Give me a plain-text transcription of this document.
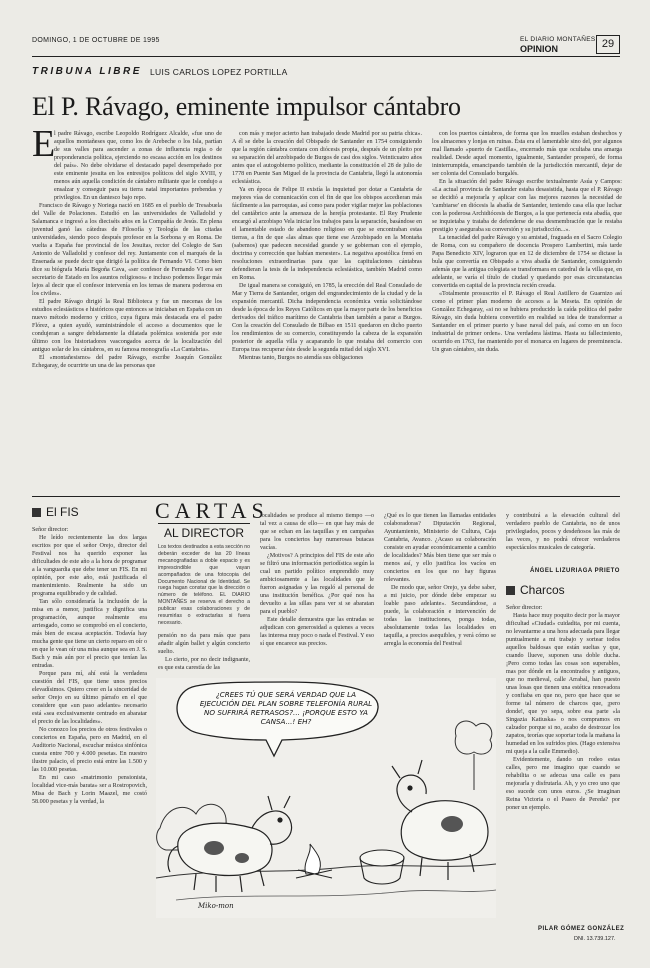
DOMINGO, 1 DE OCTUBRE DE 1995	EL DIARIO MONTAÑES
OPINION	29
TRIBUNA LIBRE LUIS CARLOS LOPEZ PORTILLA
El P. Rávago, eminente impulsor cántabro
E

l padre Rávago, escribe Leopoldo Rodríguez Alcalde, «fue uno de aquellos montañeses que, como los de Arebeche o los Isla, partían de sus valles para ascender a zonas de influencia regia o de preponderancia política, ejerciendo no escasa acción en los destinos del país». No debe olvidarse el destacado papel desempeñado por este eminente jesuita en los entresijos políticos del siglo XVIII, y menos aún aquella condición de cántabro militante que le condujo a ensalzar y conseguir para su tierra natal importantes prebendas y privilegios. En un dantesco bajo repo.

Francisco de Rávago y Noriega nació en 1685 en el pueblo de Tresabuela del Valle de Polaciones. Estudió en las universidades de Valladolid y Salamanca e ingresó a los dieciséis años en la Compañía de Jesús. En plena juventud ganó las cátedras de Filosofía y Teología de las citadas universidades, siendo poco después profesor en la Sorbona y en Roma. De vuelta a España fue provincial de los Jesuitas, rector del Colegio de San Antonio de Valladolid y confesor del rey. Juntamente con el marqués de la Ensenada se puede decir que dirigió la política de Fernando VI. Como bien dice su biógrafa María Begoña Cava, «ser confesor de Fernando VI era ser secretario de Estado en los asuntos religiosos» e incluso podemos llegar más lejos al decir que el confesor intervenía en los temas de manera poderosa en los civiles».

El padre Rávago dirigió la Real Biblioteca y fue un mecenas de los estudios eclesiásticos e históricos que entonces se iniciaban en España con un nuevo método moderno y crítico, cuya figura más destacada era el padre Flórez, a quien ayudó, suministrándole el acceso a documentos que le condujeran a sangre debidamente la dilatada polémica sostenida por este último con los historiadores vascongados acerca de la localización del antiguo solar de los cántabros, en su famosa monografía «La Cantabria».

El «montañesismo» del padre Rávago, escribe Joaquín González Echegaray, de ocurrirte un una de las personas que

con más y mejor acierto han trabajado desde Madrid por su patria chica». A él se debe la creación del Obispado de Santander en 1754 consiguiendo que la región cántabra contara con diócesis propia, después de un pleito por su separación del arzobispado de Burgos de casi dos siglos. Veinticuatro años antes que el autogobierno político, mediante la constitución el 28 de julio de 1778 en Puente San Miguel de la provincia de Cantabria, llegó la autonomía eclesiástica.

Ya en época de Felipe II existía la inquietud por dotar a Cantabria de mejores vías de comunicación con el fin de que los obispos accedieran más fácilmente a las parroquias, así como para poder vigilar mejor las poblaciones del cantábrico ante la amenaza de la herejía protestante. El Rey Prudente encargó al arzobispo Vela iniciar los trabajos para la separación, basándose en el lamentable estado de abandono religioso en que se encontraban estas tierras, a fin de que «las almas que tiene ese Arzobispado en la Montaña (sabemos) que padecen necesidad grande y se gobiernan con el ejemplo, doctrina y corrección que habían menester». La negativa apostólica frenó en resoluciones extraordinarias para que las capitulaciones cántabras defendieran la tesis de la independencia eclesiástica, también Madrid como en Roma.

De igual manera se consiguió, en 1785, la erección del Real Consulado de Mar y Tierra de Santander, origen del engrandecimiento de la ciudad y de la expansión mercantil. Dicha independencia económica venía solicitándose desde la época de los Reyes Católicos en que la mayor parte de los beneficios derivados del tráfico marítimo de Cantabria iban también a parar a Burgos. Con la creación del Consulado de Bilbao en 1511 quedaron en dicho puerto los rendimientos de su comercio, constituyendo la cabeza de la expansión posterior de aquella villa y acaparando lo que restaba del comercio con Europa tras recuperar éste desde la segunda mitad del siglo XVI.

Mientras tanto, Burgos no atendía sus obligaciones

con los puertos cántabros, de forma que los muelles estaban deshechos y los almacenes y lonjas en ruinas. Ésta era el lamentable sino del, por algunos mal llamado «puerto de Castilla», encerrado más que ocultaba una amarga realidad. Desde aquel momento, igualmente, Santander prosperó, de forma ininterrumpida, emancipando también de la jurisdicción mercantil, dejar de ser colonia del Consulado burgalés.

En la situación del padre Rávago escribe textualmente Asúa y Campos: «La actual provincia de Santander estaba desasistida, hasta que el P. Rávago se decidió a mejorarla y aplicar con las mejores razones la necesidad de 'cambiarse' en diócesis la abadía de Santander, teniendo casa ella que luchar con la poderosa Archidiócesis de Burgos, a la que pertenecía esta abadía, que se inquietaba y trataba de defenderse de esa desmembración que le restaba prestigio y aseguraba su conversión y su jurisdicción...».

La tenacidad del padre Rávago y su amistad, fraguada en el Sacro Colegio de Roma, con su compañero de docencia Prospero Lambertini, más tarde Papa Benedicto XIV, lograron que en 12 de diciembre de 1754 se dictase la bula que convertía en Obispado a viva abadía de Santander, consiguiendo además que la antigua colegiata se transformara en catedral de la villa que, en adelante, se varía el título de ciudad y quedando por esas circunstancias convertida en capital de la provincia recién creada.

«Totalmente prosuscrito el P. Rávago el Real Astillero de Guarnizo así como el primer plan moderno de accesos a la Meseta. En opinión de González Echegaray, «si no se hubiera producido la caída política del padre Rávago, sin duda hubiera convertido en realidad su idea de transformar a Santander en el primer puerto y base naval del país, así como en un foco industrial de primer orden». Una verdadera lástima. Hasta su fallecimiento, ocurrido en 1763, fue mantenido por el monarca en lugares de preeminencia. Un gran cántabro, sin duda.

El FIS	CARTAS
AL DIRECTOR
Los textos destinados a esta sección no deberán exceder de las 20 líneas mecanografiadas a doble espacio y es imprescindible que vayan acompañados de una fotocopia del Documento Nacional de Identidad. Se ruega hagan constar que la dirección o número de teléfono. EL DIARIO MONTAÑÉS se reserva el derecho a publicar esas colaboraciones y de resumirlas o extractarlas si fuera necesario.

Señor director:

He leído recientemente las dos largas escritos por que el señor Orejo, director del Festival nos ha querido exponer las dificultades de este año a la hora de programar a la vanguardia que debe tener un FIS. En mi opinión, por este año, está justificada el mantenimiento. Realmente ha sido un programa equilibrado y de calidad.

Tan sólo consideraría la inclusión de la misa en a menor, justifica y dignifica una programación, aunque realmente era arriesgado, como se comprobó en el concierto, más bien de escasa aceptación. Todavía hay mucha gente que tiene un cierto reparo en oír o en que le vean oír una misa aunque sea en J. S. Bach y más aún por el precio que tenían las entradas.

Porque para mí, ahí está la verdadera cuestión del FIS, que tiene unos precios elevadísimos. Quiero creer en la sinceridad de señor Orejo en su último párrafo en el que considere que «un paso adelante» necesario está «sea exclusivamente centrado en abaratar el precio de las localidades».

No conozco los precios de otros festivales o conciertos en España, pero en Madrid, en el Auditorio Nacional, escuchar música sinfónica cuesta entre 700 y 4.000 pesetas. En nuestro ilustre palacio, el precio está entre las 1.500 y las 10.000 pesetas.

En mi caso «matrimonio pensionista, localidad vice-más barata» ser a Rostropovich, Misa de Bach y Lorin Maazel, me costó 58.000 pesetas y la verdad, la

pensión no da para más que para añadir algún ballet y algún concierto suelto.

Lo cierto, por no decir indignante, es que esta carestía de las

localidades se produce al mismo tiempo —o tal vez a causa de ello— en que hay más de que se echan en las taquillas y en campañas para los conciertos hay numerosas butacas vacías.

¿Motivos? A principios del FIS de este año se filtró una información periodística según la cual un partido político emprendido muy ambiciosamente a las localidades que le fueron asignadas y las regaló al personal de una institución benéfica. ¿Por qué nos ha devuelto a las sillas para ver si se abaratan para el pueblo?

Este detalle demuestra que las entradas se adjudican con generosidad a quienes a veces las interesa muy poco o nada el Festival. Y eso sí que encarece sus precios.

¿Qué es lo que tienen las llamadas entidades colaboradoras? Diputación Regional, Ayuntamiento, Ministerio de Cultura, Caja Cantabria, Avanco. ¿Acaso su colaboración consiste en ayudar económicamente a cambio de localidades? Más bien tiene que ser más o menos así, y ello justifica los vacíos en conciertos en los que no hay figuras relevantes.

De modo que, señor Orejo, ya debe saber, a mi juicio, por dónde debe empezar su loable paso adelante». Secundándose, a puede, la colaboración e intervención de todas las instituciones, ponga todas, absolutamente todas las localidades en taquilla, a precios asequibles, y verá cómo se arregla la economía del Festival

y contribuirá a la elevación cultural del verdadero pueblo de Cantabria, no de unos privilegiados, pocos y desdeñosos las más de las veces, y no podrá ofrecer verdaderos espectáculos musicales de categoría.

ÁNGEL LIZURIAGA PRIETO
Charcos

Señor director:

Hasta hace muy poquito decir por la mayor dificultad «Ciudad» cuidadita, por mi cuenta, no levantarme a una hora adecuada para llegar puntualmente a mi trabajo y sortear todos aquellos baldosas que están sueltas y que, cuando llueve, suponen una doble ducha. ¡Pero como todas las cosas son superables, mas por dónde en la encontrados y antiguos, que no medieval, calle Arrabal, han puesto unas losas que tienen una estética renovadora y confiaba en que no, pero que hace que se forme tal número de charcos que, ¡pero donde!, que yo sepa, sobre esa parte «la Singazia Katiuska» o nos compramos en calzador porque si no, acabo de destrozar los zapatos, teorías que soportar toda la mañana la humedad en los sufridos pies. (Hago extensiva mi queja a la calle Emmedio).

Evidentemente, dando un rodeo estas calles, pero me imagino que cuando se rehabilita o se adecua una calle es para mejorarla y disfrutarla. Ah, y yo creo uno que eso sucede con unos euros. ¿Se imaginan Reina Victoria o el Paseo de Pereda? por poner un ejemplo.

PILAR GÓMEZ GONZÁLEZ
DNI. 13.739.127.
¿CREES TÚ QUE SERÁ VERDAD QUE LA EJECUCIÓN DEL PLAN SOBRE TELEFONÍA RURAL NO SUFRIRÁ RETRASOS?... ¡PORQUE ESTO YA CANSA...! EH?
Miko-mon
